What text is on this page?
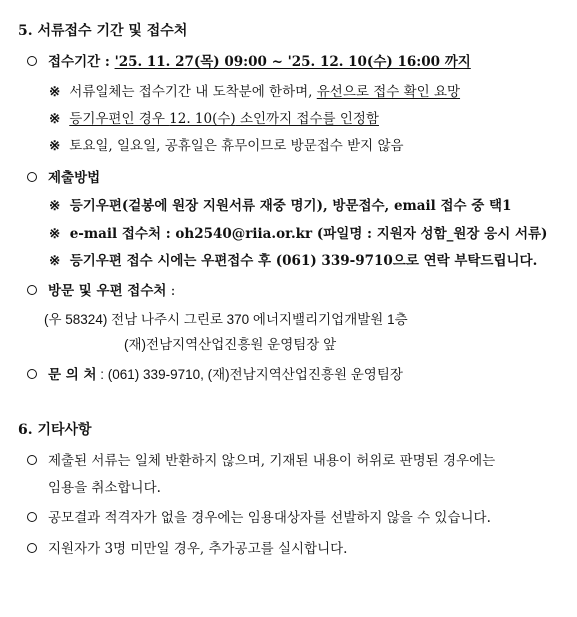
5. 서류접수 기간 및 접수처
접수기간 : '25. 11. 27(목) 09:00 ~ '25. 12. 10(수) 16:00 까지
※ 서류일체는 접수기간 내 도착분에 한하며, 유선으로 접수 확인 요망
※ 등기우편인 경우 12. 10(수) 소인까지 접수를 인정함
※ 토요일, 일요일, 공휴일은 휴무이므로 방문접수 받지 않음
제출방법
※ 등기우편(겉봉에 원장 지원서류 재중 명기), 방문접수, email 접수 중 택1
※ e-mail 접수처 : oh2540@riia.or.kr (파일명 : 지원자 성함_원장 응시 서류)
※ 등기우편 접수 시에는 우편접수 후 (061) 339-9710으로 연락 부탁드립니다.
방문 및 우편 접수처 :
(우 58324) 전남 나주시 그린로 370 에너지밸리기업개발원 1층
(재)전남지역산업진흥원 운영팀장 앞
문 의 처 : (061) 339-9710, (재)전남지역산업진흥원 운영팀장
6. 기타사항
제출된 서류는 일체 반환하지 않으며, 기재된 내용이 허위로 판명된 경우에는
임용을 취소합니다.
공모결과 적격자가 없을 경우에는 임용대상자를 선발하지 않을 수 있습니다.
지원자가 3명 미만일 경우, 추가공고를 실시합니다.
